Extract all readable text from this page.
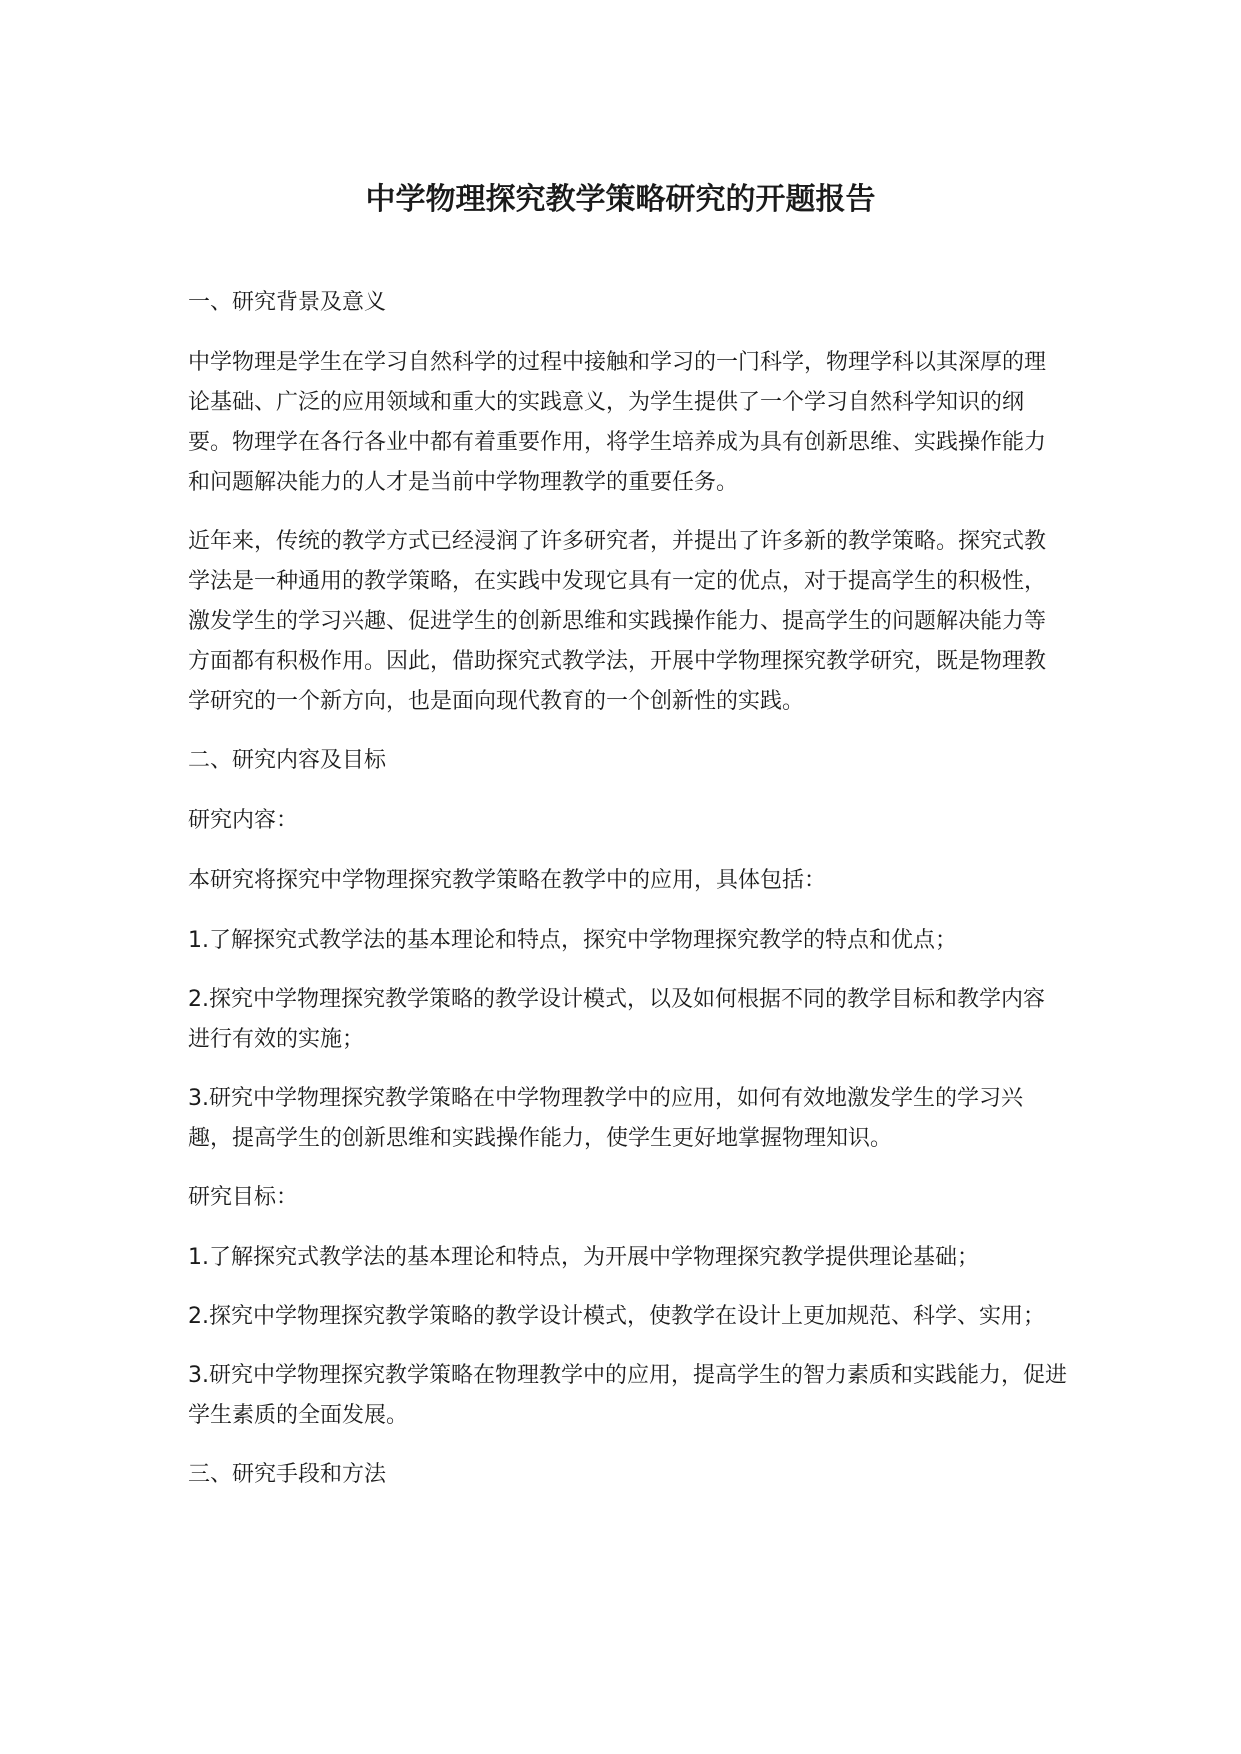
中学物理探究教学策略研究的开题报告

一、研究背景及意义

中学物理是学生在学习自然科学的过程中接触和学习的一门科学，物理学科以其深厚的理论基础、广泛的应用领域和重大的实践意义，为学生提供了一个学习自然科学知识的纲要。物理学在各行各业中都有着重要作用，将学生培养成为具有创新思维、实践操作能力和问题解决能力的人才是当前中学物理教学的重要任务。

近年来，传统的教学方式已经浸润了许多研究者，并提出了许多新的教学策略。探究式教学法是一种通用的教学策略，在实践中发现它具有一定的优点，对于提高学生的积极性，激发学生的学习兴趣、促进学生的创新思维和实践操作能力、提高学生的问题解决能力等方面都有积极作用。因此，借助探究式教学法，开展中学物理探究教学研究，既是物理教学研究的一个新方向，也是面向现代教育的一个创新性的实践。

二、研究内容及目标

研究内容：

本研究将探究中学物理探究教学策略在教学中的应用，具体包括：

1.了解探究式教学法的基本理论和特点，探究中学物理探究教学的特点和优点；

2.探究中学物理探究教学策略的教学设计模式，以及如何根据不同的教学目标和教学内容进行有效的实施；

3.研究中学物理探究教学策略在中学物理教学中的应用，如何有效地激发学生的学习兴趣，提高学生的创新思维和实践操作能力，使学生更好地掌握物理知识。

研究目标：

1.了解探究式教学法的基本理论和特点，为开展中学物理探究教学提供理论基础；

2.探究中学物理探究教学策略的教学设计模式，使教学在设计上更加规范、科学、实用；

3.研究中学物理探究教学策略在物理教学中的应用，提高学生的智力素质和实践能力，促进学生素质的全面发展。

三、研究手段和方法
